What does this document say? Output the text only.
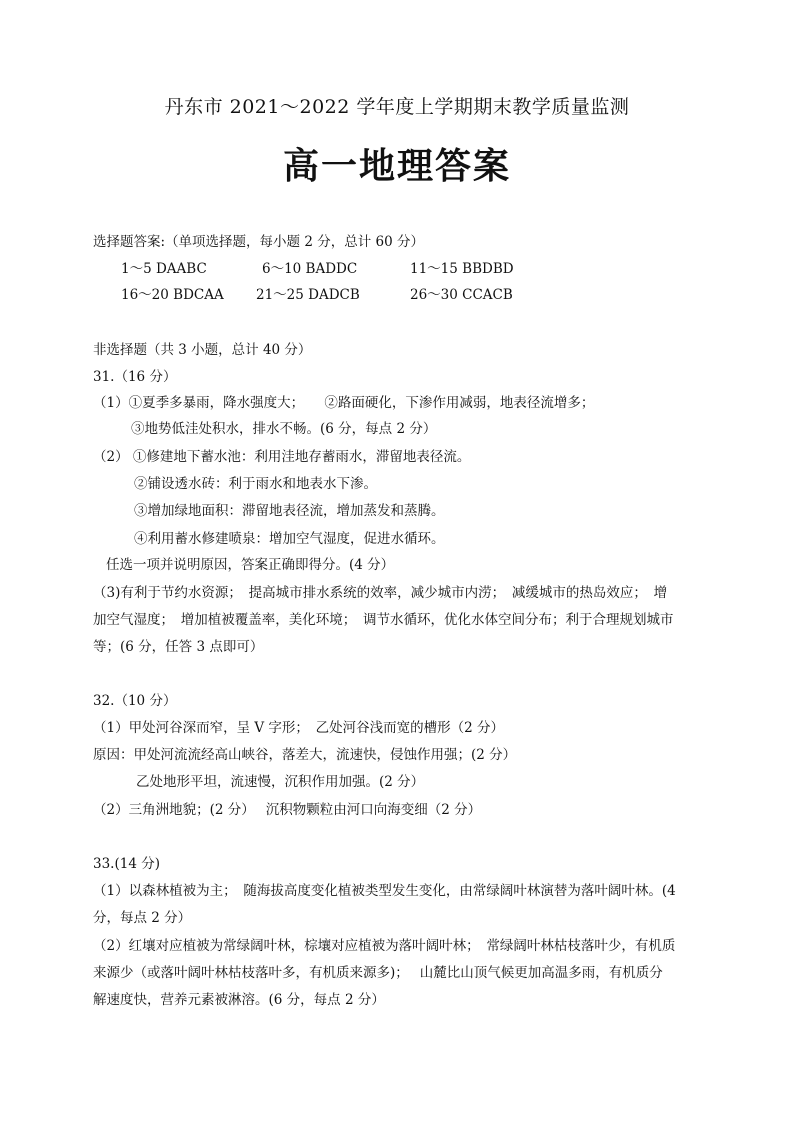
丹东市 2021～2022 学年度上学期期末教学质量监测
高一地理答案
选择题答案:（单项选择题，每小题 2 分，总计 60 分）
1～5 DAABC	6～10 BADDC	11～15 BBDBD
16～20 BDCAA 21～25 DADCB	26～30 CCACB
非选择题（共 3 小题，总计 40 分）
31.（16 分）
（1）①夏季多暴雨，降水强度大；　　②路面硬化，下渗作用减弱，地表径流增多；
③地势低洼处积水，排水不畅。(6 分，每点 2 分）
（2） ①修建地下蓄水池：利用洼地存蓄雨水，滞留地表径流。
②铺设透水砖：利于雨水和地表水下渗。
③增加绿地面积：滞留地表径流，增加蒸发和蒸腾。
④利用蓄水修建喷泉：增加空气湿度，促进水循环。
任选一项并说明原因，答案正确即得分。(4 分）
（3)有利于节约水资源；　提高城市排水系统的效率，减少城市内涝；　减缓城市的热岛效应；　增
加空气湿度；　增加植被覆盖率，美化环境；　调节水循环，优化水体空间分布；利于合理规划城市
等；(6 分，任答 3 点即可）
32.（10 分）
（1）甲处河谷深而窄，呈 V 字形；　乙处河谷浅而宽的槽形（2 分）
原因：甲处河流流经高山峡谷，落差大，流速快，侵蚀作用强；(2 分）
乙处地形平坦，流速慢，沉积作用加强。(2 分）
（2）三角洲地貌；(2 分）　 沉积物颗粒由河口向海变细（2 分）
33.(14 分)
（1）以森林植被为主；　随海拔高度变化植被类型发生变化，由常绿阔叶林演替为落叶阔叶林。(4
分，每点 2 分）
（2）红壤对应植被为常绿阔叶林，棕壤对应植被为落叶阔叶林；　常绿阔叶林枯枝落叶少，有机质
来源少（或落叶阔叶林枯枝落叶多，有机质来源多)；　 山麓比山顶气候更加高温多雨，有机质分
解速度快，营养元素被淋溶。(6 分，每点 2 分）
